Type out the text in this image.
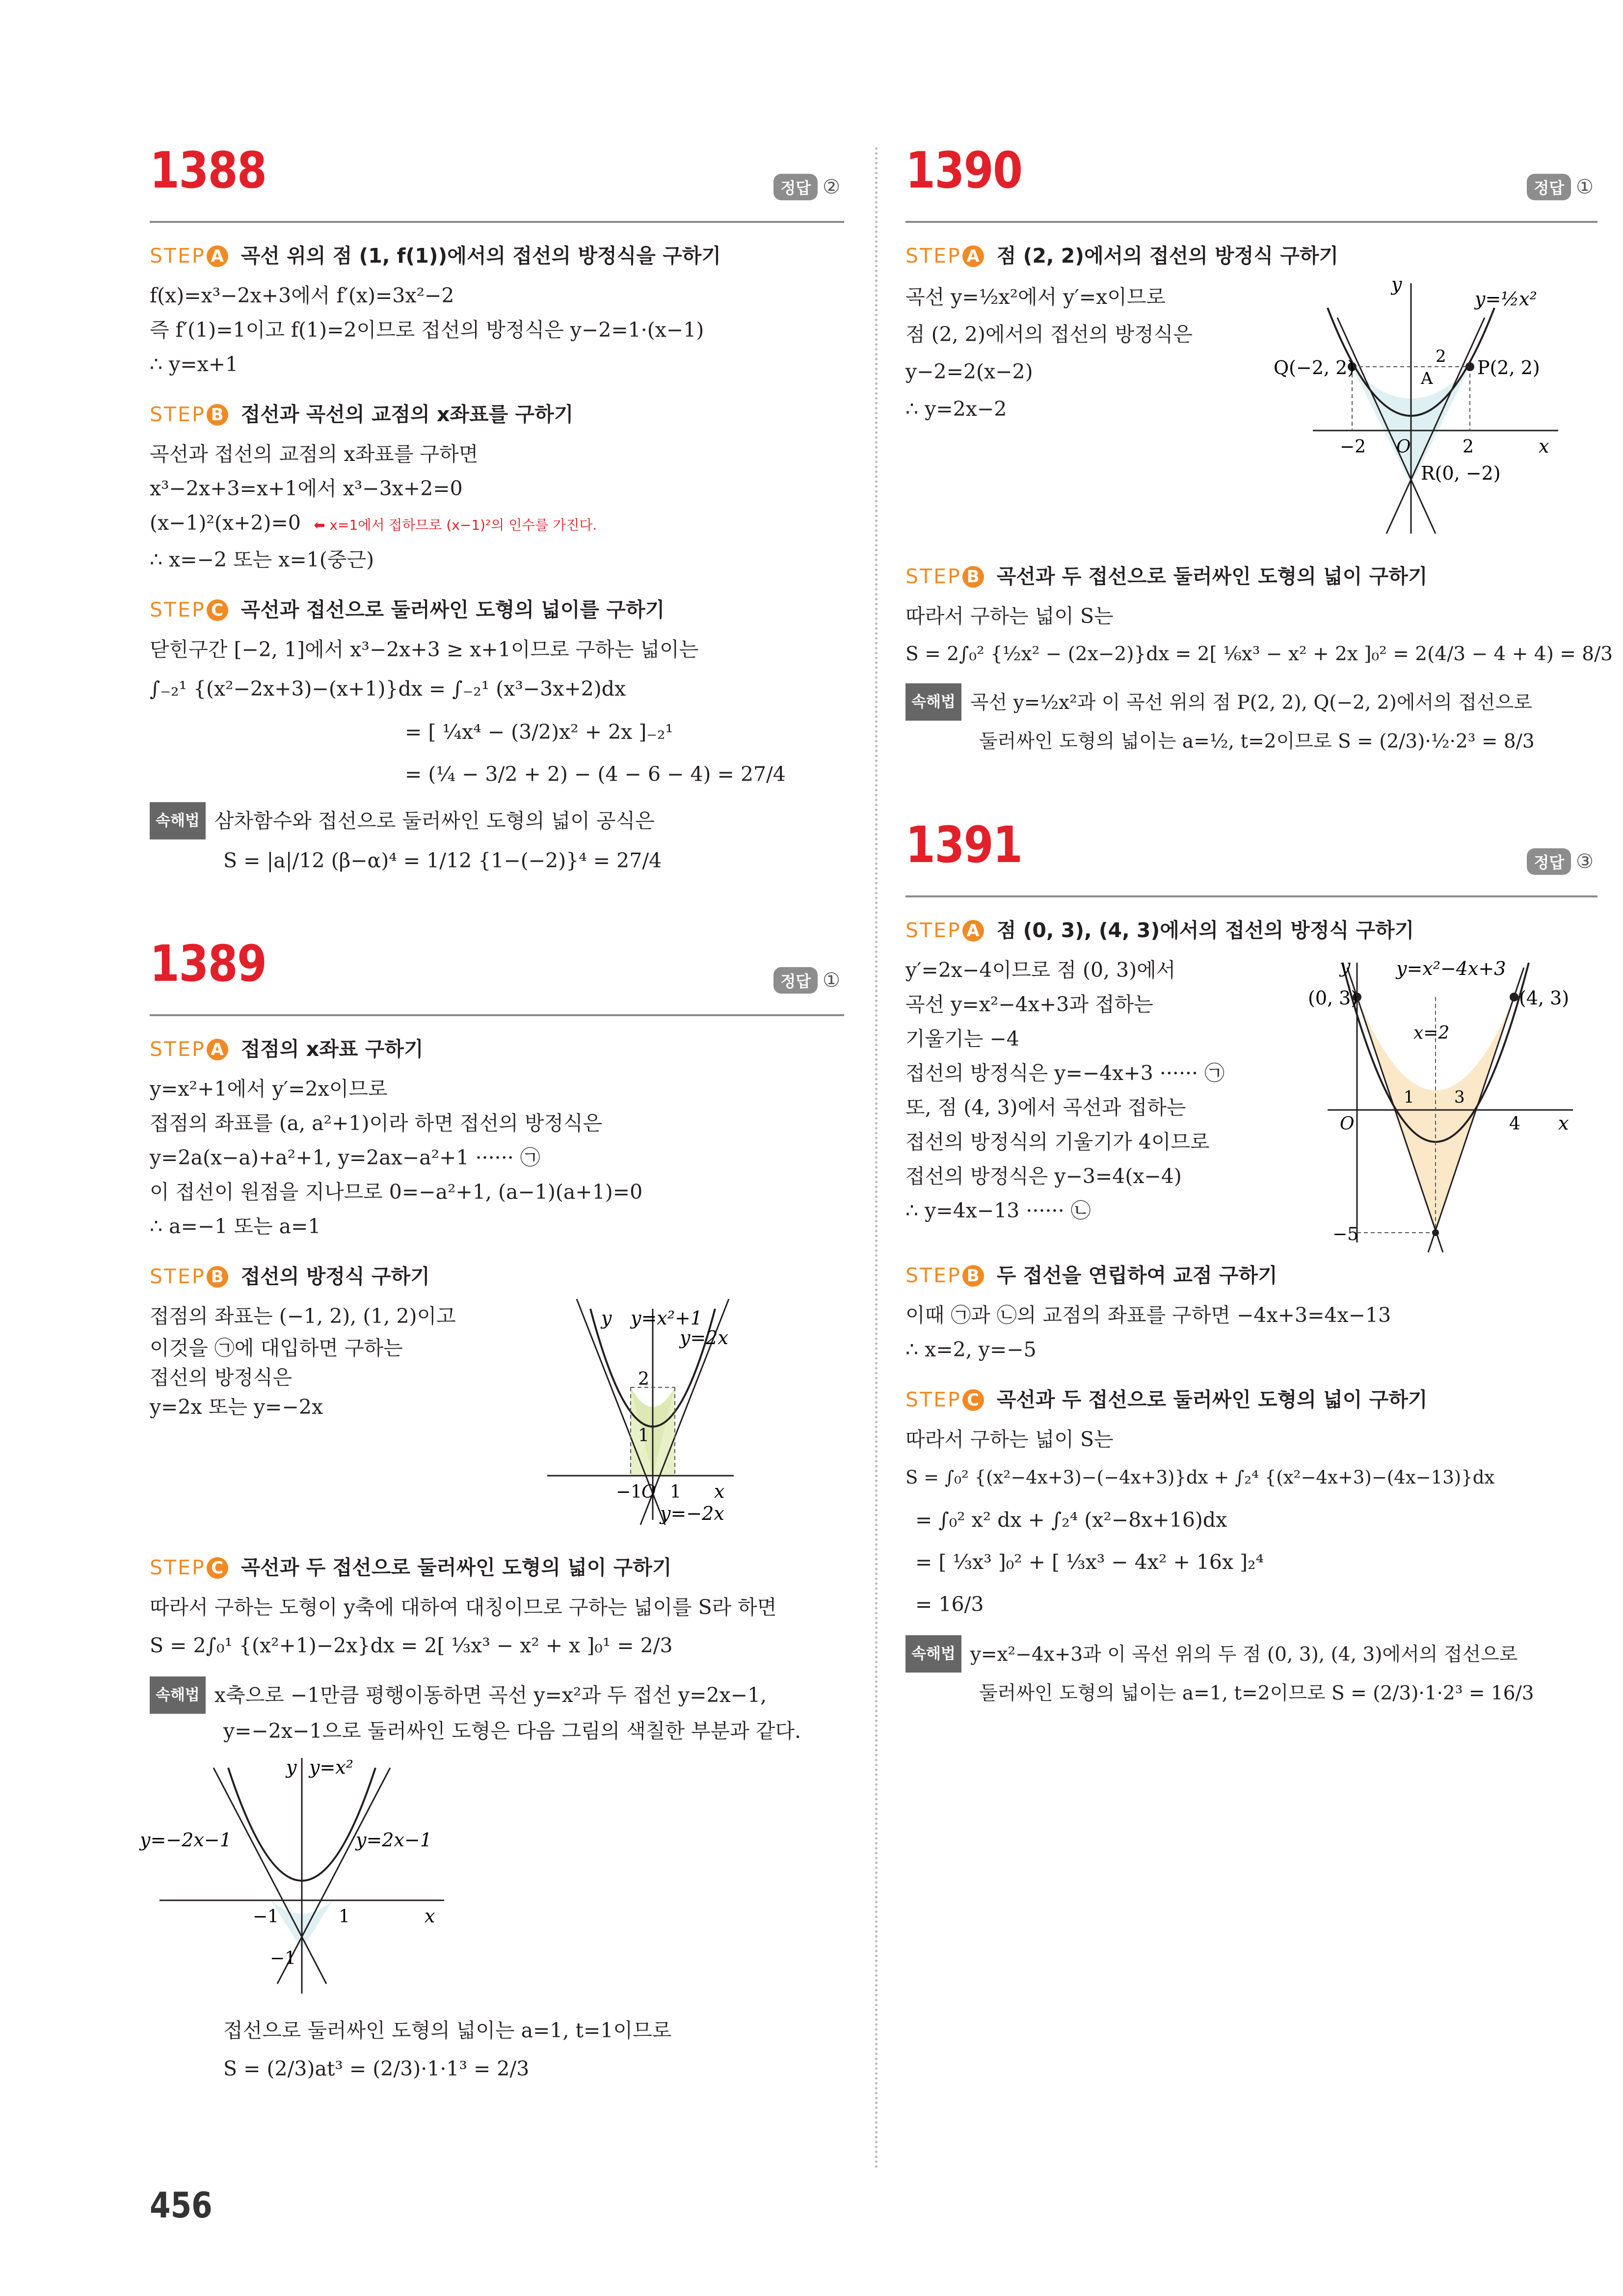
1388	정답 ②
STEP A 곡선 위의 점 (1, f(1))에서의 접선의 방정식을 구하기
f(x)=x³−2x+3에서 f′(x)=3x²−2
즉 f′(1)=1이고 f(1)=2이므로 접선의 방정식은 y−2=1·(x−1)
∴ y=x+1
STEP B 접선과 곡선의 교점의 x좌표를 구하기
곡선과 접선의 교점의 x좌표를 구하면
x³−2x+3=x+1에서 x³−3x+2=0
(x−1)²(x+2)=0 ⬅ x=1에서 접하므로 (x−1)²의 인수를 가진다.
∴ x=−2 또는 x=1(중근)
STEP C 곡선과 접선으로 둘러싸인 도형의 넓이를 구하기
닫힌구간 [−2, 1]에서 x³−2x+3 ≥ x+1이므로 구하는 넓이는
∫₋₂¹ {(x²−2x+3)−(x+1)}dx = ∫₋₂¹ (x³−3x+2)dx
= [ ¼x⁴ − (3/2)x² + 2x ]₋₂¹
= (¼ − 3/2 + 2) − (4 − 6 − 4) = 27/4
속해법 삼차함수와 접선으로 둘러싸인 도형의 넓이 공식은
S = |a|/12 (β−α)⁴ = 1/12 {1−(−2)}⁴ = 27/4
1389	정답 ①
STEP A 접점의 x좌표 구하기
y=x²+1에서 y′=2x이므로
접점의 좌표를 (a, a²+1)이라 하면 접선의 방정식은
y=2a(x−a)+a²+1, y=2ax−a²+1 ······ ㉠
이 접선이 원점을 지나므로 0=−a²+1, (a−1)(a+1)=0
∴ a=−1 또는 a=1
STEP B 접선의 방정식 구하기
접점의 좌표는 (−1, 2), (1, 2)이고
이것을 ㉠에 대입하면 구하는
접선의 방정식은
y=2x 또는 y=−2x
y y=x²+1
y=2x
2
1
−1
O 1 x
y=−2x
STEP C 곡선과 두 접선으로 둘러싸인 도형의 넓이 구하기
따라서 구하는 도형이 y축에 대하여 대칭이므로 구하는 넓이를 S라 하면
S = 2∫₀¹ {(x²+1)−2x}dx = 2[ ⅓x³ − x² + x ]₀¹ = 2/3
속해법 x축으로 −1만큼 평행이동하면 곡선 y=x²과 두 접선 y=2x−1,
y=−2x−1으로 둘러싸인 도형은 다음 그림의 색칠한 부분과 같다.
y y=x²
y=−2x−1	y=2x−1
−1	1	x
−1
접선으로 둘러싸인 도형의 넓이는 a=1, t=1이므로
S = (2/3)at³ = (2/3)·1·1³ = 2/3
1390	정답 ①
STEP A 점 (2, 2)에서의 접선의 방정식 구하기
곡선 y=½x²에서 y′=x이므로
점 (2, 2)에서의 접선의 방정식은
y−2=2(x−2)
∴ y=2x−2
y
y=½x²
Q(−2, 2)	P(2, 2)
2
A
−2 O	2	x
R(0, −2)
STEP B 곡선과 두 접선으로 둘러싸인 도형의 넓이 구하기
따라서 구하는 넓이 S는
S = 2∫₀² {½x² − (2x−2)}dx = 2[ ⅙x³ − x² + 2x ]₀² = 2(4/3 − 4 + 4) = 8/3
속해법 곡선 y=½x²과 이 곡선 위의 점 P(2, 2), Q(−2, 2)에서의 접선으로
둘러싸인 도형의 넓이는 a=½, t=2이므로 S = (2/3)·½·2³ = 8/3
1391	정답 ③
STEP A 점 (0, 3), (4, 3)에서의 접선의 방정식 구하기
y′=2x−4이므로 점 (0, 3)에서
곡선 y=x²−4x+3과 접하는
기울기는 −4
접선의 방정식은 y=−4x+3 ······ ㉠
또, 점 (4, 3)에서 곡선과 접하는
접선의 방정식의 기울기가 4이므로
접선의 방정식은 y−3=4(x−4)
∴ y=4x−13 ······ ㉡
y y=x²−4x+3
(0, 3)	(4, 3)
x=2
1 3
O	4 x
−5
STEP B 두 접선을 연립하여 교점 구하기
이때 ㉠과 ㉡의 교점의 좌표를 구하면 −4x+3=4x−13
∴ x=2, y=−5
STEP C 곡선과 두 접선으로 둘러싸인 도형의 넓이 구하기
따라서 구하는 넓이 S는
S = ∫₀² {(x²−4x+3)−(−4x+3)}dx + ∫₂⁴ {(x²−4x+3)−(4x−13)}dx
= ∫₀² x² dx + ∫₂⁴ (x²−8x+16)dx
= [ ⅓x³ ]₀² + [ ⅓x³ − 4x² + 16x ]₂⁴
= 16/3
속해법 y=x²−4x+3과 이 곡선 위의 두 점 (0, 3), (4, 3)에서의 접선으로
둘러싸인 도형의 넓이는 a=1, t=2이므로 S = (2/3)·1·2³ = 16/3
456
